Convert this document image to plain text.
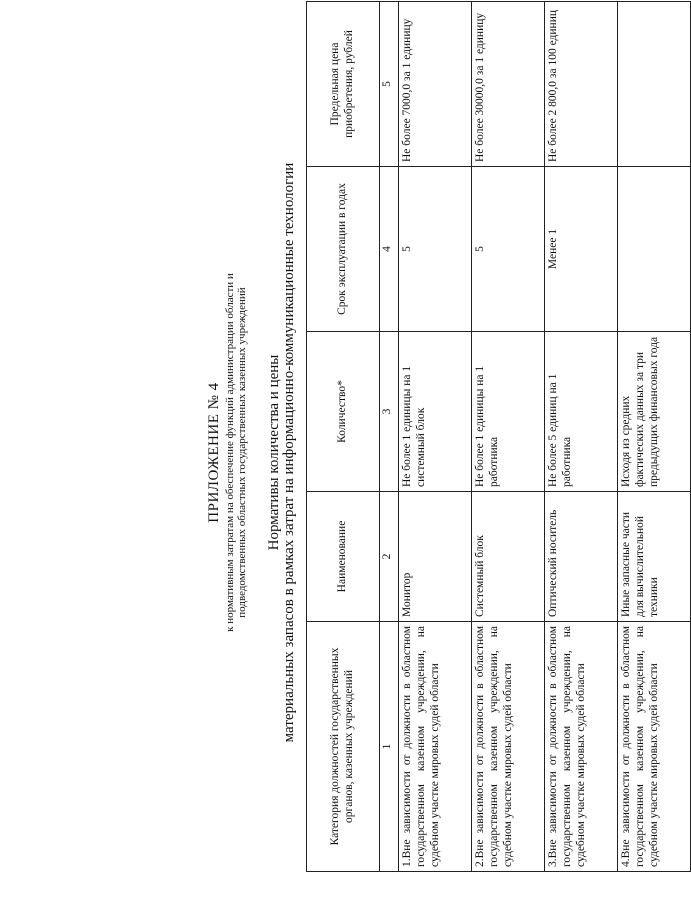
ПРИЛОЖЕНИЕ № 4 к нормативным затратам на обеспечение функций администрации области и подведомственных областных государственных казенных учреждений Нормативы количества и цены материальных запасов в рамках затрат на информационно-коммуникационные технологии
Категория должностей государственных органов, казенных учреждений	Наименование	Количество*	Срок эксплуатации в годах	Предельная цена приобретения, рублей
1	2	3	4	5
1.Вне зависимости от должности в областном государственном казенном учреждении, на судебном участке мировых судей области	Монитор	Не более 1 единицы на 1 системный блок	5	Не более 7000,0 за 1 единицу
2.Вне зависимости от должности в областном государственном казенном учреждении, на судебном участке мировых судей области	Системный блок	Не более 1 единицы на 1 работника	5	Не более 30000,0 за 1 единицу
3.Вне зависимости от должности в областном государственном казенном учреждении, на судебном участке мировых судей области	Оптический носитель	Не более 5 единиц на 1 работника	Менее 1	Не более 2 800,0 за 100 единиц
4.Вне зависимости от должности в областном государственном казенном учреждении, на судебном участке мировых судей области	Иные запасные части для вычислительной техники	Исходя из средних фактических данных за три предыдущих финансовых года		
